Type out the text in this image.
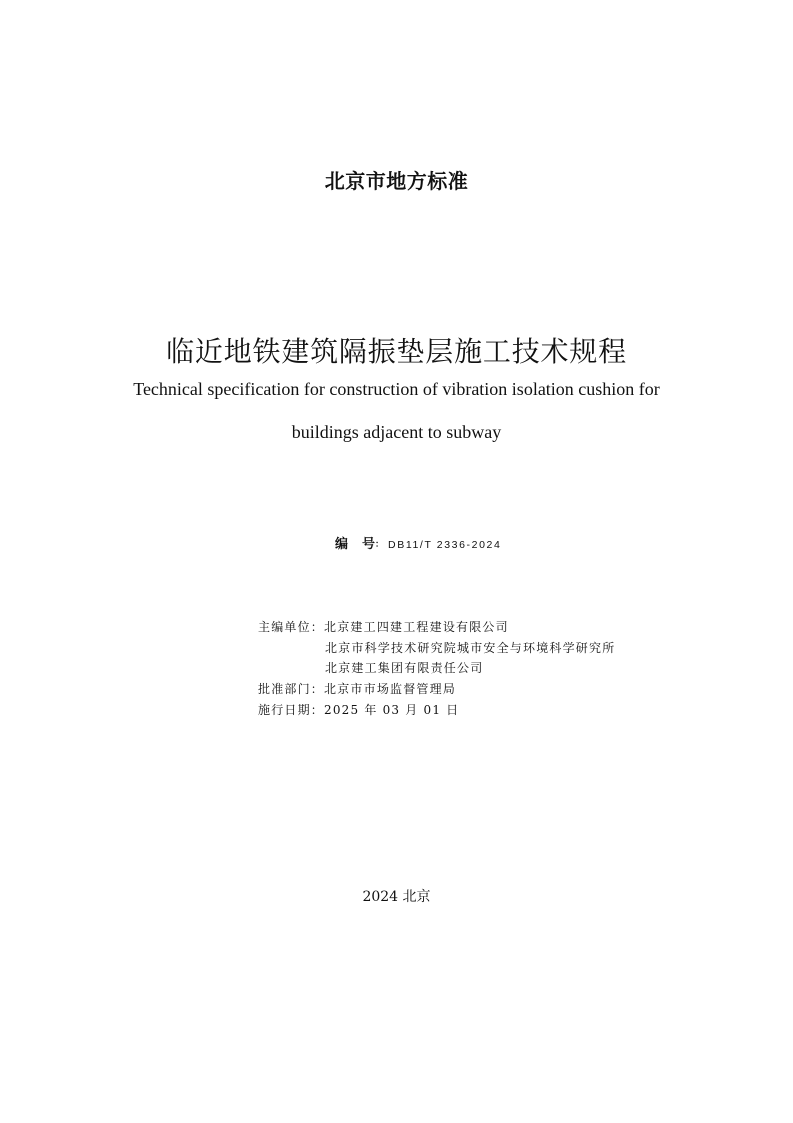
北京市地方标准
临近地铁建筑隔振垫层施工技术规程
Technical specification for construction of vibration isolation cushion for
buildings adjacent to subway
编 号 ： DB11/T 2336-2024
主编单位：北京建工四建工程建设有限公司
北京市科学技术研究院城市安全与环境科学研究所
北京建工集团有限责任公司
批准部门：北京市市场监督管理局
施行日期：2025 年 03 月 01 日
2024 北京
